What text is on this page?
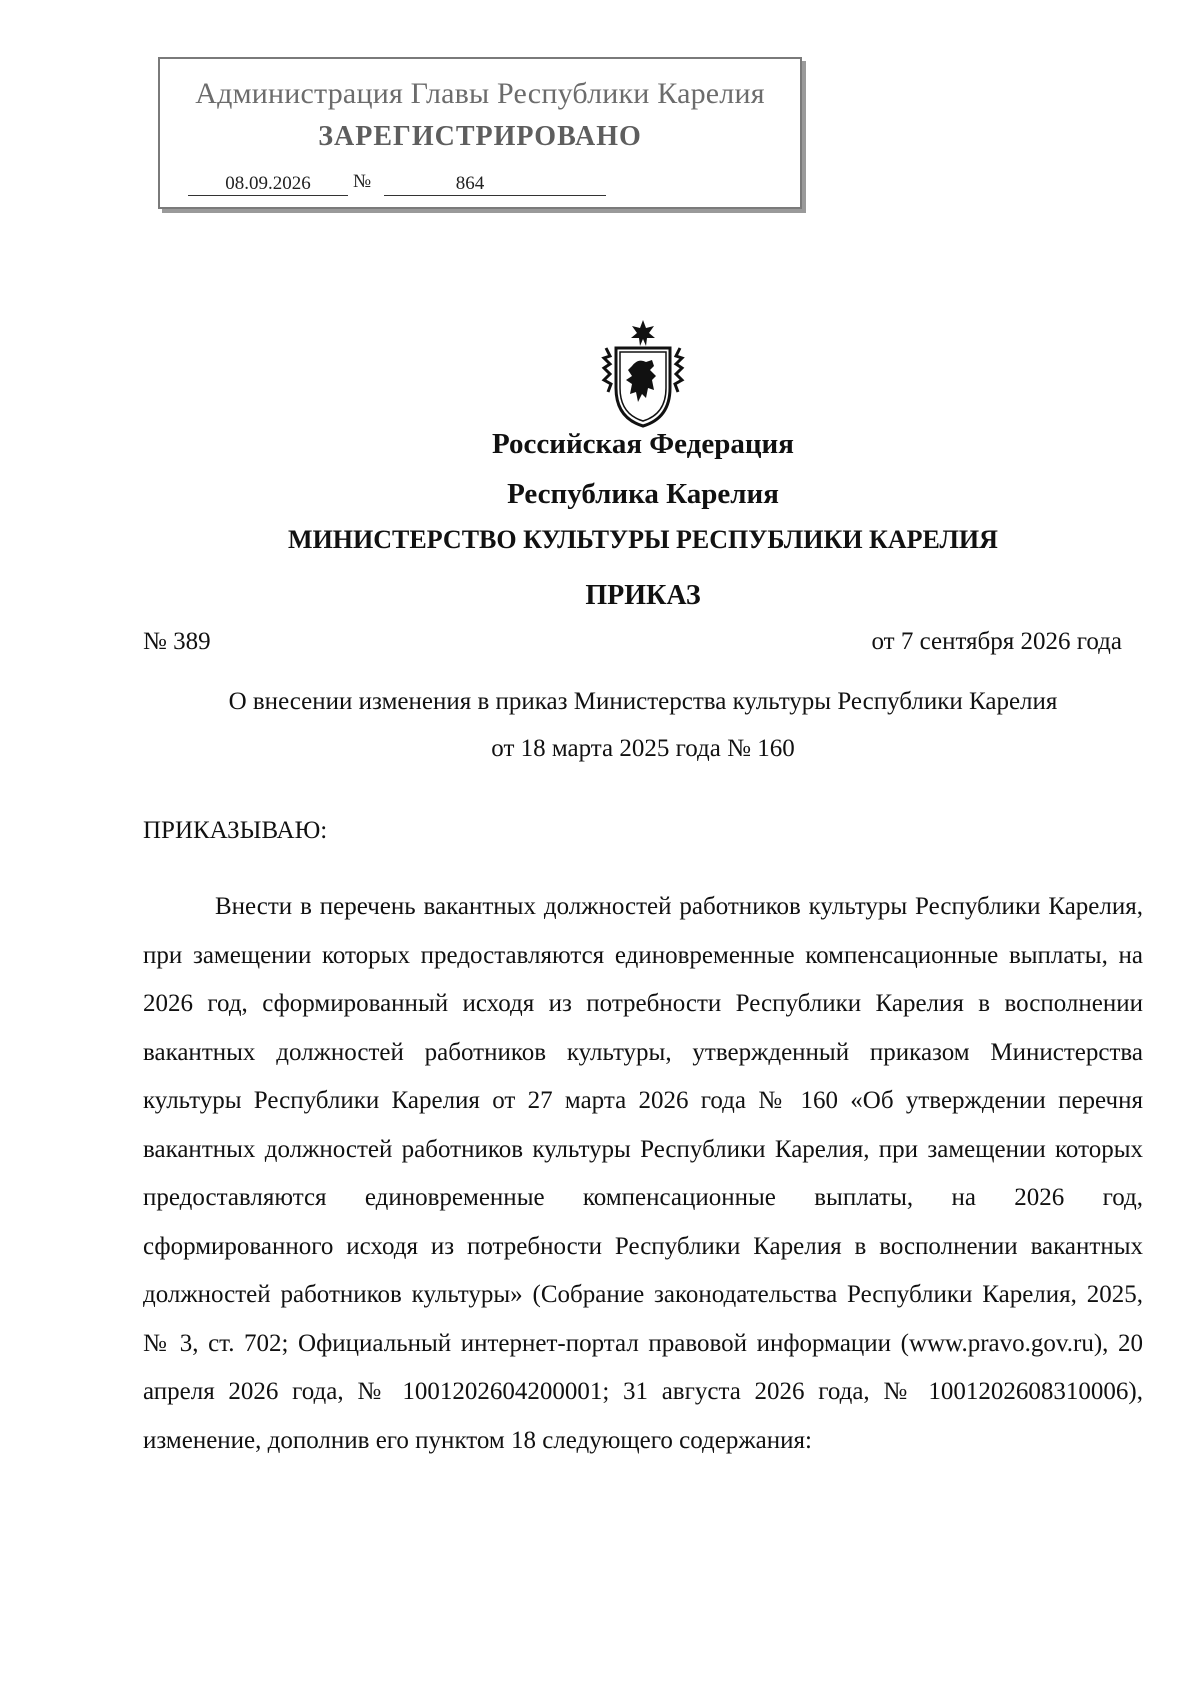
Администрация Главы Республики Карелия
ЗАРЕГИСТРИРОВАНО
08.09.2026	№	864
Российская Федерация
Республика Карелия
МИНИСТЕРСТВО КУЛЬТУРЫ РЕСПУБЛИКИ КАРЕЛИЯ
ПРИКАЗ
№ 389	от 7 сентября 2026 года
О внесении изменения в приказ Министерства культуры Республики Карелия
от 18 марта 2025 года № 160
ПРИКАЗЫВАЮ:
Внести в перечень вакантных должностей работников культуры Республики Карелия, при замещении которых предоставляются единовременные компенсационные выплаты, на 2026 год, сформированный исходя из потребности Республики Карелия в восполнении вакантных должностей работников культуры, утвержденный приказом Министерства культуры Республики Карелия от 27 марта 2026 года № 160 «Об утверждении перечня вакантных должностей работников культуры Республики Карелия, при замещении которых предоставляются единовременные компенсационные выплаты, на 2026 год, сформированного исходя из потребности Республики Карелия в восполнении вакантных должностей работников культуры» (Собрание законодательства Республики Карелия, 2025, № 3, ст. 702; Официальный интернет-портал правовой информации (www.pravo.gov.ru), 20 апреля 2026 года, № 1001202604200001; 31 августа 2026 года, № 1001202608310006), изменение, дополнив его пунктом 18 следующего содержания:
